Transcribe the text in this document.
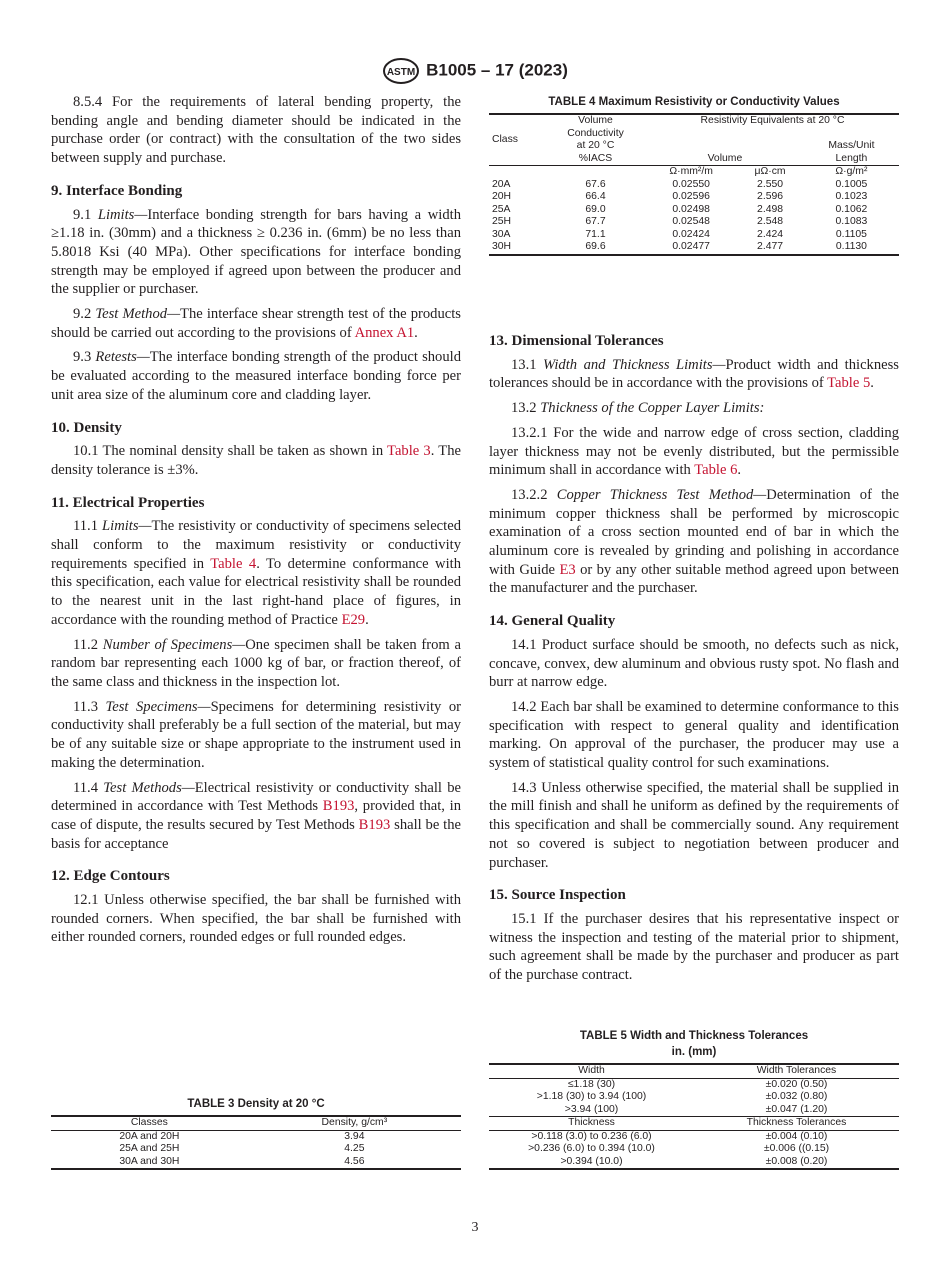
ASTM B1005 – 17 (2023)
8.5.4 For the requirements of lateral bending property, the bending angle and bending diameter should be indicated in the purchase order (or contract) with the consultation of the two sides between supply and purchase.
9. Interface Bonding
9.1 Limits—Interface bonding strength for bars having a width ≥1.18 in. (30mm) and a thickness ≥ 0.236 in. (6mm) be no less than 5.8018 Ksi (40 MPa). Other specifications for interface bonding strength may be employed if agreed upon between the producer and the supplier or purchaser.
9.2 Test Method—The interface shear strength test of the products should be carried out according to the provisions of Annex A1.
9.3 Retests—The interface bonding strength of the product should be evaluated according to the measured interface bonding force per unit area size of the aluminum core and cladding layer.
10. Density
10.1 The nominal density shall be taken as shown in Table 3. The density tolerance is ±3%.
11. Electrical Properties
11.1 Limits—The resistivity or conductivity of specimens selected shall conform to the maximum resistivity or conductivity requirements specified in Table 4. To determine conformance with this specification, each value for electrical resistivity shall be rounded to the nearest unit in the last right-hand place of figures, in accordance with the rounding method of Practice E29.
11.2 Number of Specimens—One specimen shall be taken from a random bar representing each 1000 kg of bar, or fraction thereof, of the same class and thickness in the inspection lot.
11.3 Test Specimens—Specimens for determining resistivity or conductivity shall preferably be a full section of the material, but may be of any suitable size or shape appropriate to the instrument used in making the determination.
11.4 Test Methods—Electrical resistivity or conductivity shall be determined in accordance with Test Methods B193, provided that, in case of dispute, the results secured by Test Methods B193 shall be the basis for acceptance
12. Edge Contours
12.1 Unless otherwise specified, the bar shall be furnished with rounded corners. When specified, the bar shall be furnished with either rounded corners, rounded edges or full rounded edges.
13. Dimensional Tolerances
13.1 Width and Thickness Limits—Product width and thickness tolerances should be in accordance with the provisions of Table 5.
13.2 Thickness of the Copper Layer Limits:
13.2.1 For the wide and narrow edge of cross section, cladding layer thickness may not be evenly distributed, but the permissible minimum shall in accordance with Table 6.
13.2.2 Copper Thickness Test Method—Determination of the minimum copper thickness shall be performed by microscopic examination of a cross section mounted end of bar in which the aluminum core is revealed by grinding and polishing in accordance with Guide E3 or by any other suitable method agreed upon between the manufacturer and the purchaser.
14. General Quality
14.1 Product surface should be smooth, no defects such as nick, concave, convex, dew aluminum and obvious rusty spot. No flash and burr at narrow edge.
14.2 Each bar shall be examined to determine conformance to this specification with respect to general quality and identification marking. On approval of the purchaser, the producer may use a system of statistical quality control for such examinations.
14.3 Unless otherwise specified, the material shall be supplied in the mill finish and shall he uniform as defined by the requirements of this specification and shall be commercially sound. Any requirement not so covered is subject to negotiation between producer and purchaser.
15. Source Inspection
15.1 If the purchaser desires that his representative inspect or witness the inspection and testing of the material prior to shipment, such agreement shall be made by the purchaser and producer as part of the purchase contract.
TABLE 3 Density at 20 °C
Classes	Density, g/cm³
20A and 20H	3.94
25A and 25H	4.25
30A and 30H	4.56
TABLE 4 Maximum Resistivity or Conductivity Values
Class	Volume	Resistivity Equivalents at 20 °C		
	Conductivity			
	at 20 °C			Mass/Unit
	%IACS	Volume		Length
		Ω·mm²/m	μΩ·cm	Ω·g/m²
20A	67.6	0.02550	2.550	0.1005
20H	66.4	0.02596	2.596	0.1023
25A	69.0	0.02498	2.498	0.1062
25H	67.7	0.02548	2.548	0.1083
30A	71.1	0.02424	2.424	0.1105
30H	69.6	0.02477	2.477	0.1130
TABLE 5 Width and Thickness Tolerances
in. (mm)
Width	Width Tolerances
≤1.18 (30)	±0.020 (0.50)
>1.18 (30) to 3.94 (100)	±0.032 (0.80)
>3.94 (100)	±0.047 (1.20)
Thickness	Thickness Tolerances
>0.118 (3.0) to 0.236 (6.0)	±0.004 (0.10)
>0.236 (6.0) to 0.394 (10.0)	±0.006 ((0.15)
>0.394 (10.0)	±0.008 (0.20)
3
